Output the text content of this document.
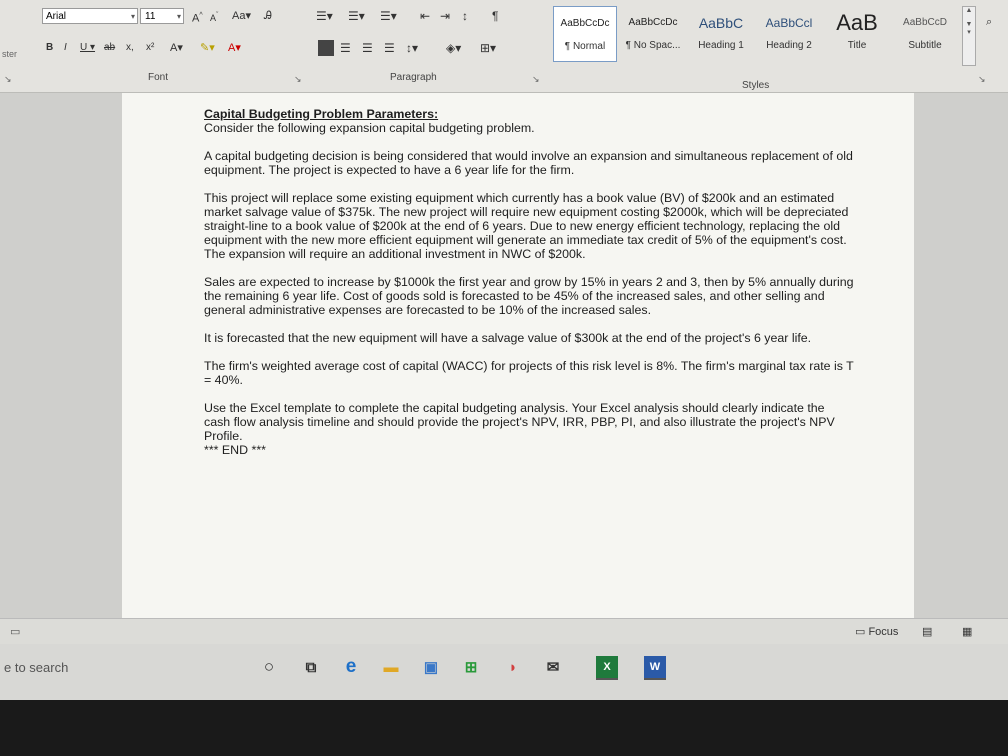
ster
Arial	▾	11	▾ A^ $A^ˇ$ Aa▾ Ꭿ
B I U ▾ ab x, x² A▾ ✎▾ A▾
☰▾ ☰▾ ☰▾ ⇤ ⇥ ↕ ¶
☰ ☰ ☰ ↕▾ ◈▾ ⊞▾
Font	Paragraph
Styles
↘	↘	↘	↘
AaBbCcDc
¶ Normal
AaBbCcDc
¶ No Spac...
AaBbC
Heading 1
AaBbCcl
Heading 2
AaB
Title
AaBbCcD
Subtitle
▲

▼
▾
⌕
Capital Budgeting Problem Parameters:

Consider the following expansion capital budgeting problem.

A capital budgeting decision is being considered that would involve an expansion and simultaneous replacement of old equipment. The project is expected to have a 6 year life for the firm.

This project will replace some existing equipment which currently has a book value (BV) of $200k and an estimated market salvage value of $375k. The new project will require new equipment costing $2000k, which will be depreciated straight-line to a book value of $200k at the end of 6 years. Due to new energy efficient technology, replacing the old equipment with the new more efficient equipment will generate an immediate tax credit of 5% of the equipment's cost. The expansion will require an additional investment in NWC of $200k.

Sales are expected to increase by $1000k the first year and grow by 15% in years 2 and 3, then by 5% annually during the remaining 6 year life. Cost of goods sold is forecasted to be 45% of the increased sales, and other selling and general administrative expenses are forecasted to be 10% of the increased sales.

It is forecasted that the new equipment will have a salvage value of $300k at the end of the project's 6 year life.

The firm's weighted average cost of capital (WACC) for projects of this risk level is 8%. The firm's marginal tax rate is T = 40%.

Use the Excel template to complete the capital budgeting analysis. Your Excel analysis should clearly indicate the cash flow analysis timeline and should provide the project's NPV, IRR, PBP, PI, and also illustrate the project's NPV Profile.

*** END ***
▭	▭ Focus ▤	▦
e to search	○	⧉	e	▬ ▣	⊞	◗	✉	X	W
